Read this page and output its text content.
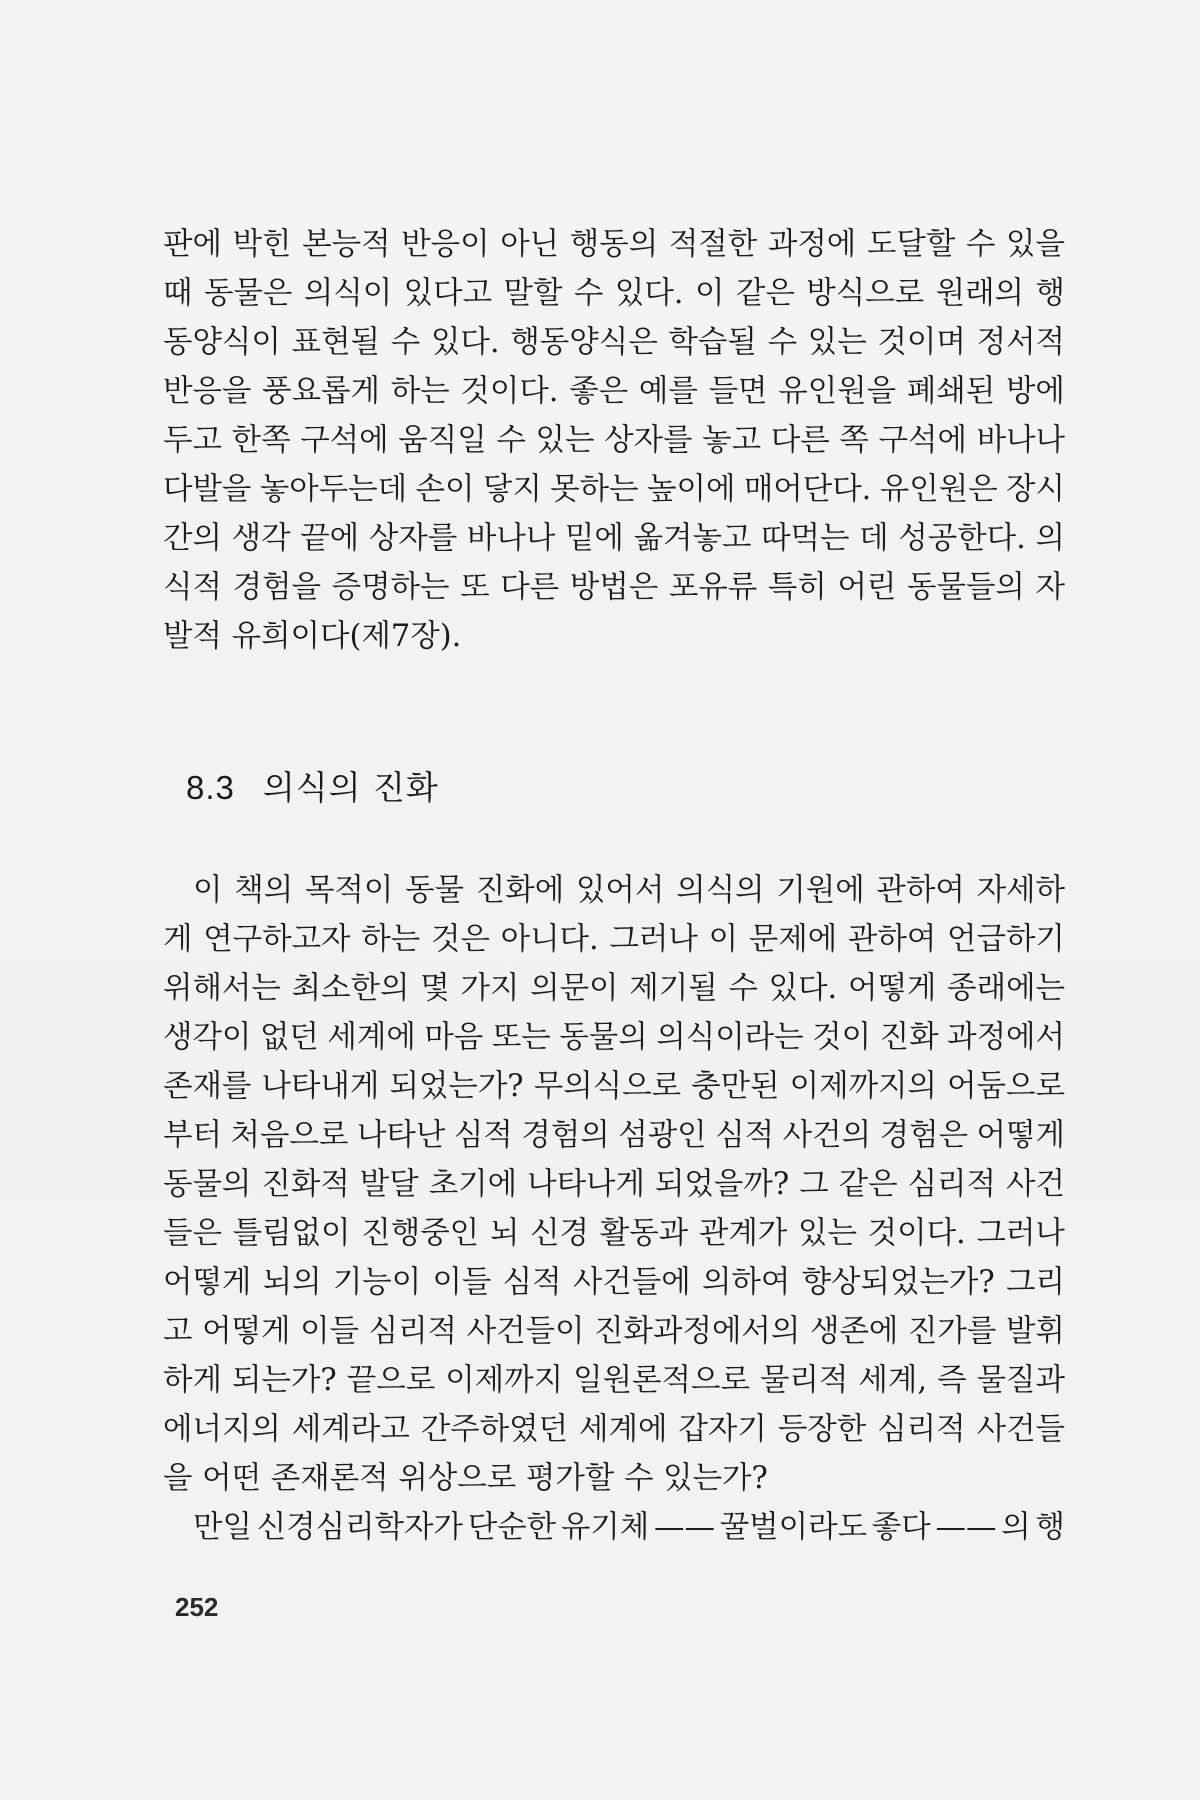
판에 박힌 본능적 반응이 아닌 행동의 적절한 과정에 도달할 수 있을
때 동물은 의식이 있다고 말할 수 있다. 이 같은 방식으로 원래의 행
동양식이 표현될 수 있다. 행동양식은 학습될 수 있는 것이며 정서적
반응을 풍요롭게 하는 것이다. 좋은 예를 들면 유인원을 폐쇄된 방에
두고 한쪽 구석에 움직일 수 있는 상자를 놓고 다른 쪽 구석에 바나나
다발을 놓아두는데 손이 닿지 못하는 높이에 매어단다. 유인원은 장시
간의 생각 끝에 상자를 바나나 밑에 옮겨놓고 따먹는 데 성공한다. 의
식적 경험을 증명하는 또 다른 방법은 포유류 특히 어린 동물들의 자
발적 유희이다(제7장).
8.3 의식의 진화
이 책의 목적이 동물 진화에 있어서 의식의 기원에 관하여 자세하
게 연구하고자 하는 것은 아니다. 그러나 이 문제에 관하여 언급하기
위해서는 최소한의 몇 가지 의문이 제기될 수 있다. 어떻게 종래에는
생각이 없던 세계에 마음 또는 동물의 의식이라는 것이 진화 과정에서
존재를 나타내게 되었는가? 무의식으로 충만된 이제까지의 어둠으로
부터 처음으로 나타난 심적 경험의 섬광인 심적 사건의 경험은 어떻게
동물의 진화적 발달 초기에 나타나게 되었을까? 그 같은 심리적 사건
들은 틀림없이 진행중인 뇌 신경 활동과 관계가 있는 것이다. 그러나
어떻게 뇌의 기능이 이들 심적 사건들에 의하여 향상되었는가? 그리
고 어떻게 이들 심리적 사건들이 진화과정에서의 생존에 진가를 발휘
하게 되는가? 끝으로 이제까지 일원론적으로 물리적 세계, 즉 물질과
에너지의 세계라고 간주하였던 세계에 갑자기 등장한 심리적 사건들
을 어떤 존재론적 위상으로 평가할 수 있는가?
만일 신경심리학자가 단순한 유기체 —— 꿀벌이라도 좋다 —— 의 행
252
